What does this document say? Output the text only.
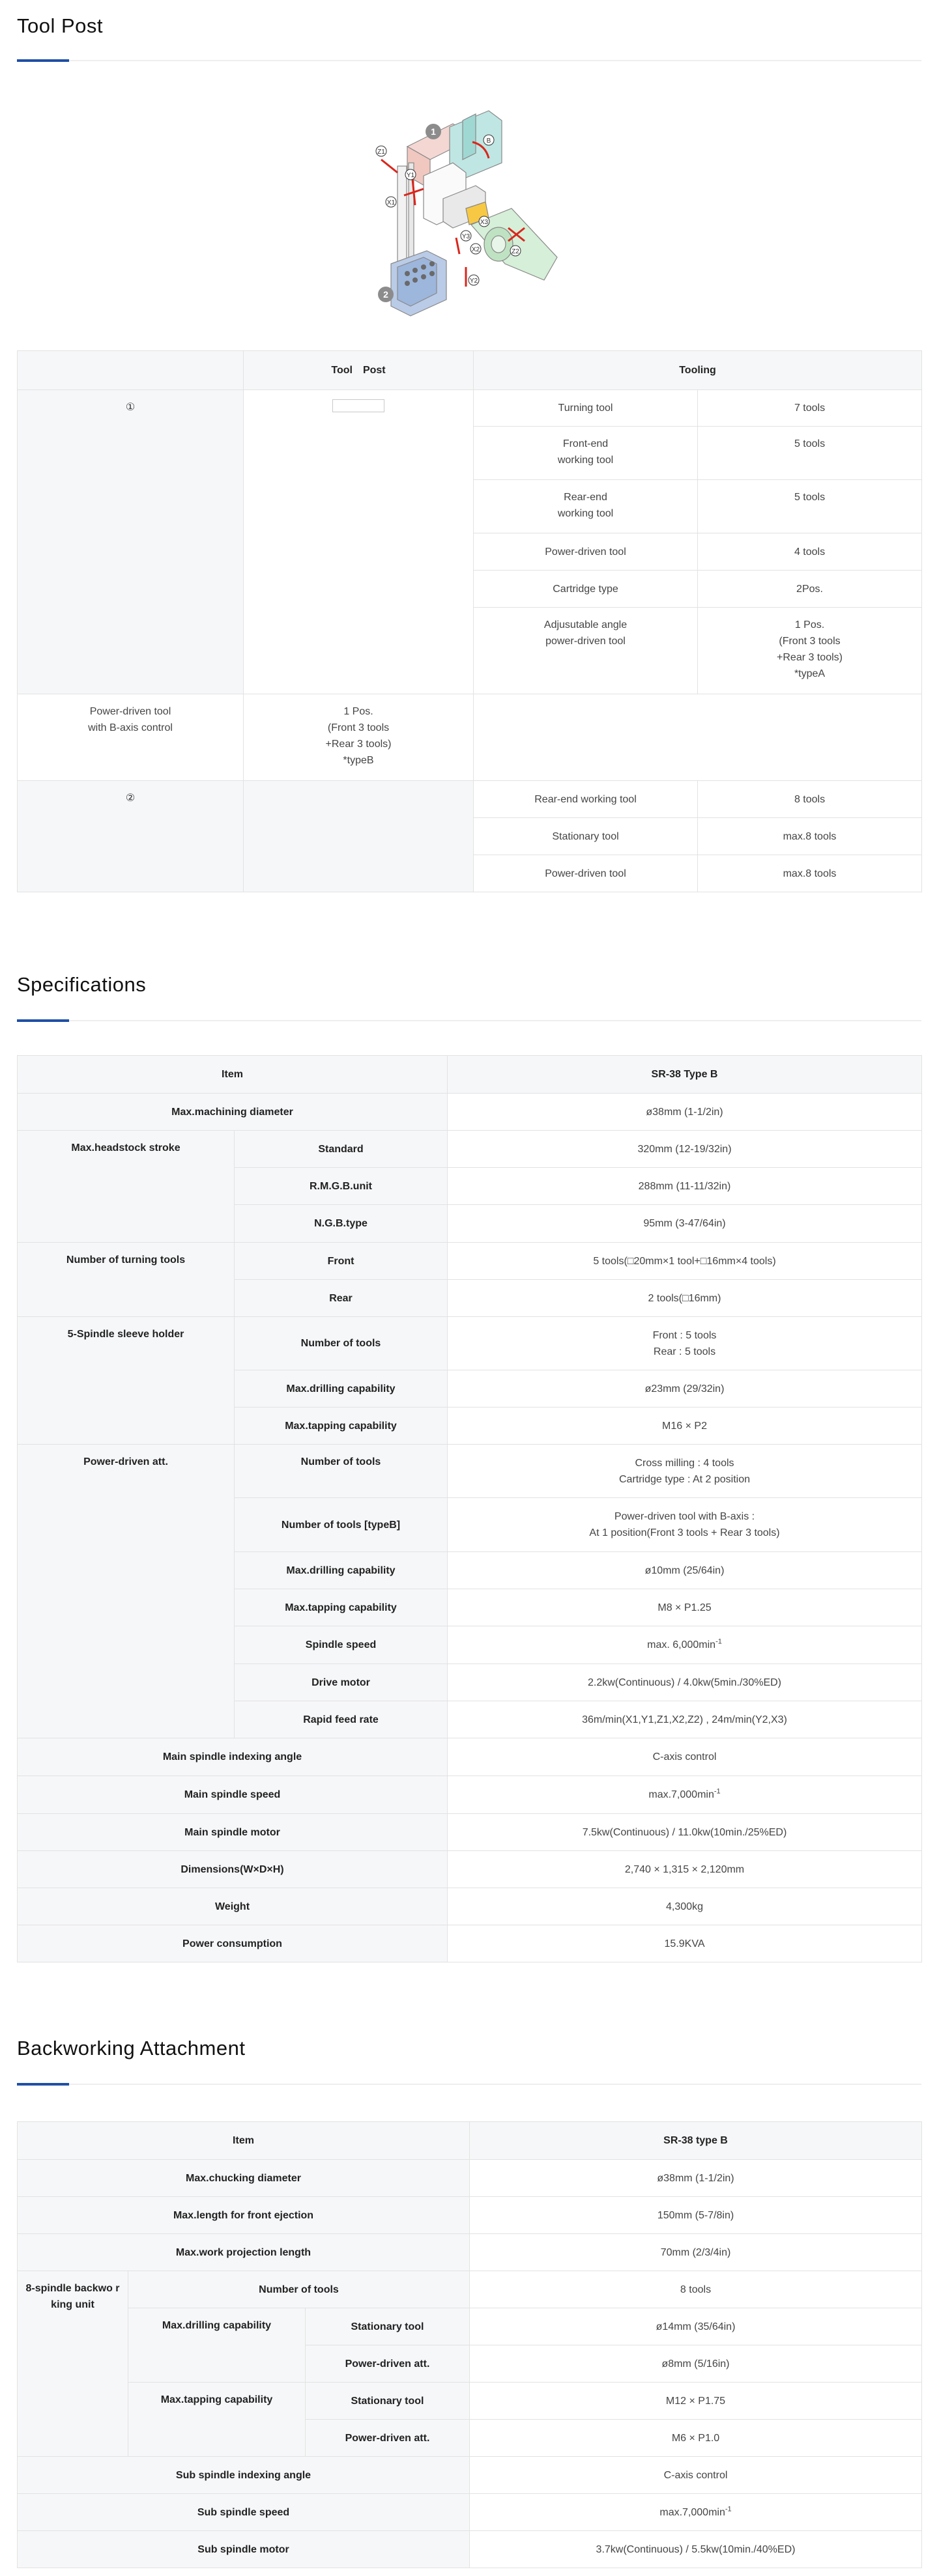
Tool Post
1
2
Z1
Y1
X1
B
X3
Y3
X2	Z2
Y2
	Tool　Post	Tooling	
①		Turning tool	7 tools
		Front-end
working tool	5 tools
		Rear-end
working tool	5 tools
		Power-driven tool	4 tools
		Cartridge type	2Pos.
		Adjusutable angle
power-driven tool	1 Pos.
(Front 3 tools
+Rear 3 tools)
*typeA
Power-driven tool
with B-axis control	1 Pos.
(Front 3 tools
+Rear 3 tools)
*typeB		
②		Rear-end working tool	8 tools
		Stationary tool	max.8 tools
		Power-driven tool	max.8 tools
Specifications
Item		SR-38 Type B
Max.machining diameter		ø38mm (1-1/2in)
Max.headstock stroke	Standard	320mm (12-19/32in)
	R.M.G.B.unit	288mm (11-11/32in)
	N.G.B.type	95mm (3-47/64in)
Number of turning tools	Front	5 tools(□20mm×1 tool+□16mm×4 tools)
	Rear	2 tools(□16mm)
5-Spindle sleeve holder	Number of tools	Front : 5 tools
Rear : 5 tools
	Max.drilling capability	ø23mm (29/32in)
	Max.tapping capability	M16 × P2
Power-driven att.	Number of tools	Cross milling : 4 tools
Cartridge type : At 2 position
	Number of tools [typeB]	Power-driven tool with B-axis :
At 1 position(Front 3 tools + Rear 3 tools)
	Max.drilling capability	ø10mm (25/64in)
	Max.tapping capability	M8 × P1.25
	Spindle speed	max. $6,000\min^{-1}$
	Drive motor	2.2kw(Continuous) / 4.0kw(5min./30%ED)
	Rapid feed rate	36m/min(X1,Y1,Z1,X2,Z2) , 24m/min(Y2,X3)
Main spindle indexing angle		C-axis control
Main spindle speed		$\max.7,000\min^{-1}$
Main spindle motor		7.5kw(Continuous) / 11.0kw(10min./25%ED)
Dimensions(W×D×H)		2,740 × 1,315 × 2,120mm
Weight		4,300kg
Power consumption		15.9KVA
Backworking Attachment
Item			SR-38 type B
Max.chucking diameter			ø38mm (1-1/2in)
Max.length for front ejection			150mm (5-7/8in)
Max.work projection length			70mm (2/3/4in)
8-spindle backwo rking unit	Number of tools		8 tools
	Max.drilling capability	Stationary tool	ø14mm (35/64in)
		Power-driven att.	ø8mm (5/16in)
	Max.tapping capability	Stationary tool	M12 × P1.75
		Power-driven att.	M6 × P1.0
Sub spindle indexing angle			C-axis control
Sub spindle speed			$\max.7,000\min^{-1}$
Sub spindle motor			3.7kw(Continuous) / 5.5kw(10min./40%ED)
